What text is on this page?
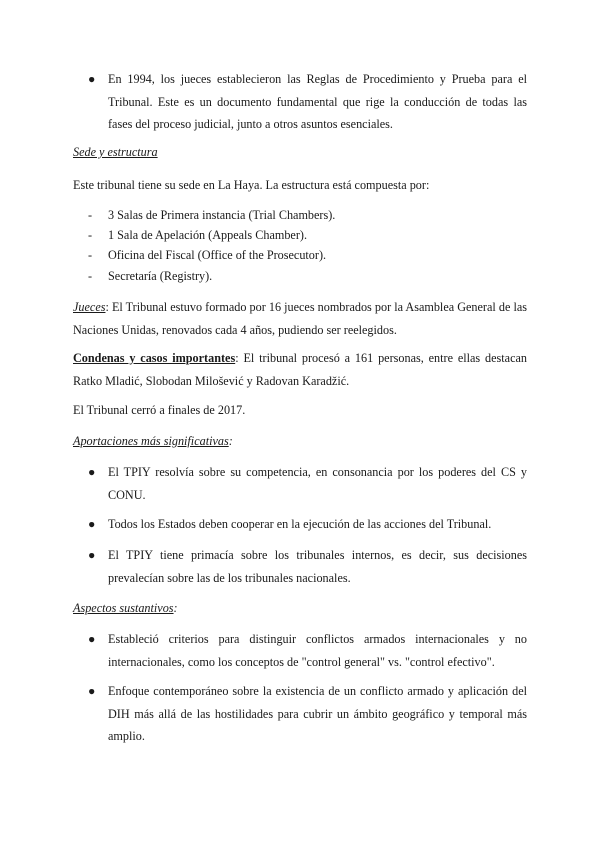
●	En 1994, los jueces establecieron las Reglas de Procedimiento y Prueba para el Tribunal. Este es un documento fundamental que rige la conducción de todas las fases del proceso judicial, junto a otros asuntos esenciales.
Sede y estructura
Este tribunal tiene su sede en La Haya. La estructura está compuesta por:
- 3 Salas de Primera instancia (Trial Chambers).
- 1 Sala de Apelación (Appeals Chamber).
- Oficina del Fiscal (Office of the Prosecutor).
- Secretaría (Registry).
Jueces: El Tribunal estuvo formado por 16 jueces nombrados por la Asamblea General de las Naciones Unidas, renovados cada 4 años, pudiendo ser reelegidos.
Condenas y casos importantes: El tribunal procesó a 161 personas, entre ellas destacan Ratko Mladić, Slobodan Milošević y Radovan Karadžić.
El Tribunal cerró a finales de 2017.
Aportaciones más significativas:
●	El TPIY resolvía sobre su competencia, en consonancia por los poderes del CS y CONU.
●	Todos los Estados deben cooperar en la ejecución de las acciones del Tribunal.
●	El TPIY tiene primacía sobre los tribunales internos, es decir, sus decisiones prevalecían sobre las de los tribunales nacionales.
Aspectos sustantivos:
●	Estableció criterios para distinguir conflictos armados internacionales y no internacionales, como los conceptos de "control general" vs. "control efectivo".
●	Enfoque contemporáneo sobre la existencia de un conflicto armado y aplicación del DIH más allá de las hostilidades para cubrir un ámbito geográfico y temporal más amplio.
